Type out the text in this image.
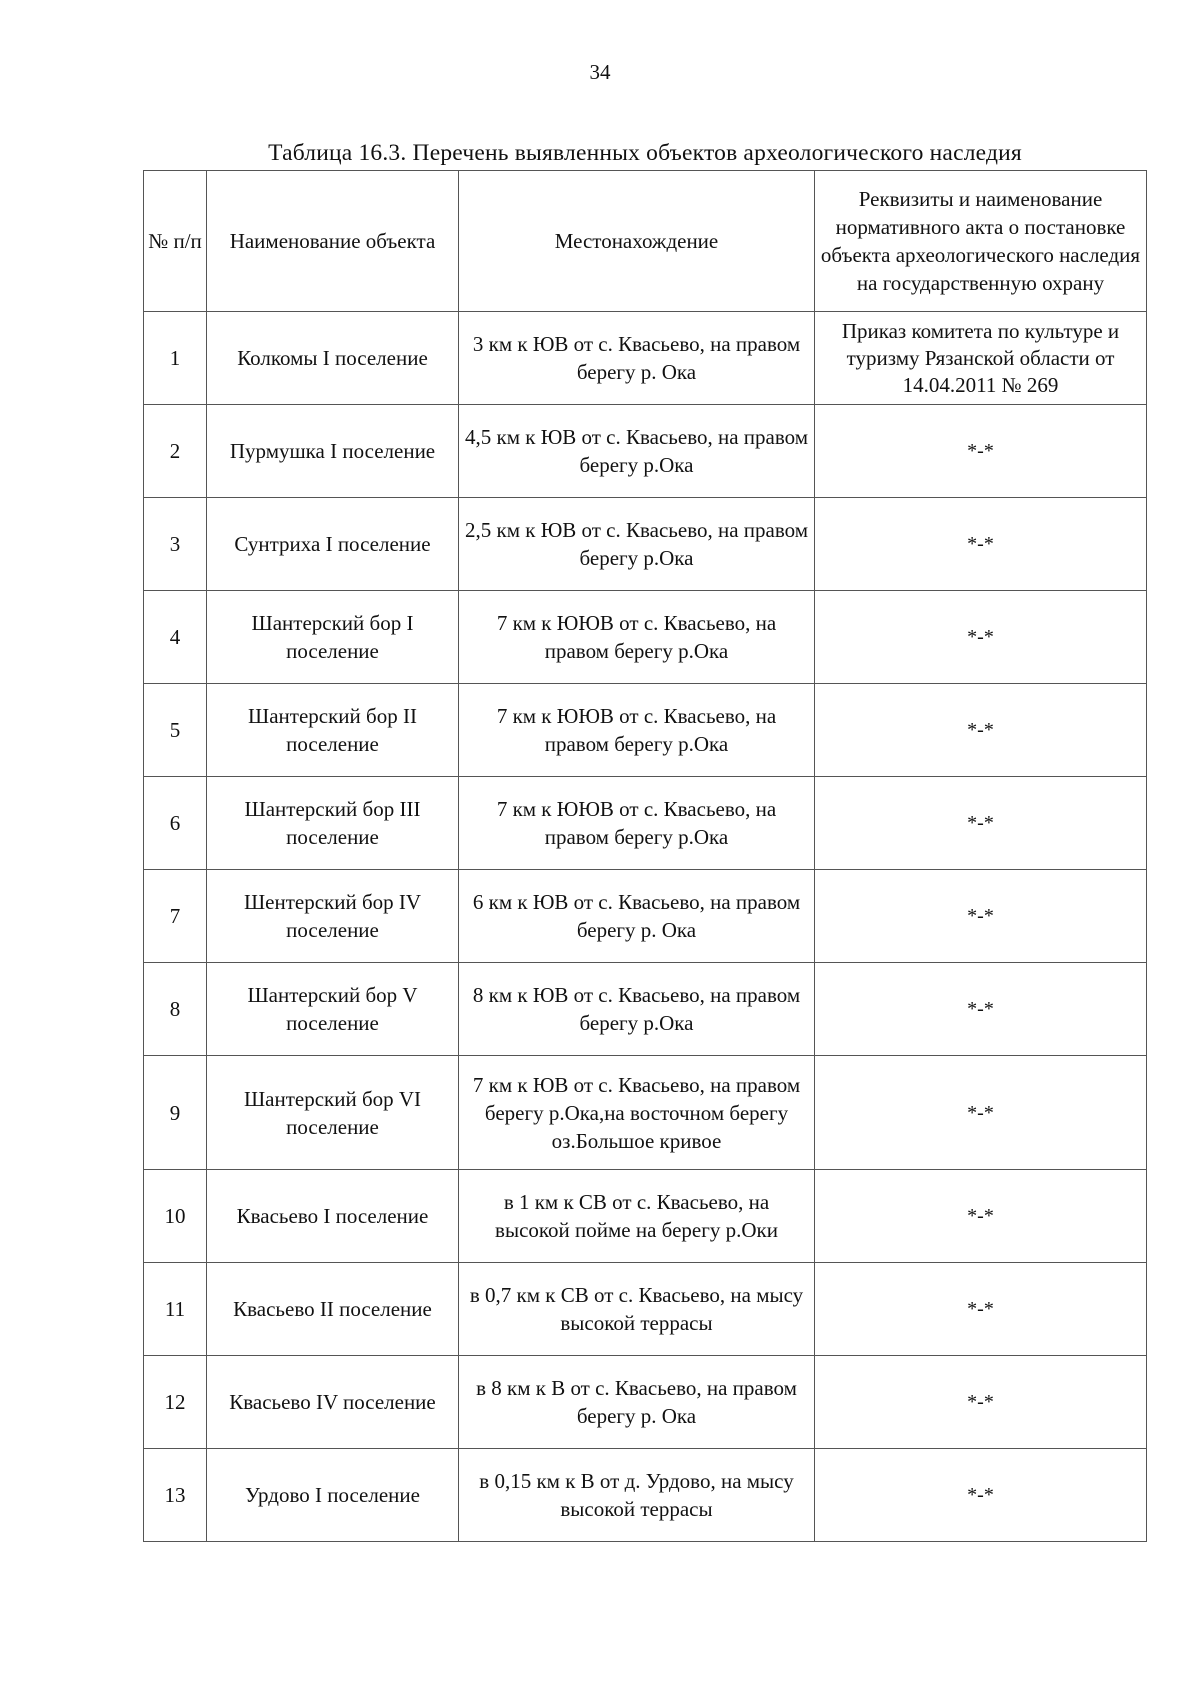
34
Таблица 16.3. Перечень выявленных объектов археологического наследия
№ п/п	Наименование объекта	Местонахождение	Реквизиты и наименование нормативного акта о постановке объекта археологического наследия на государственную охрану
1	Колкомы I поселение	3 км к ЮВ от с. Квасьево, на правом берегу р. Ока	Приказ комитета по культуре и туризму Рязанской области от 14.04.2011 № 269
2	Пурмушка I поселение	4,5 км к ЮВ от с. Квасьево, на правом берегу р.Ока	*-*
3	Сунтриха I поселение	2,5 км к ЮВ от с. Квасьево, на правом берегу р.Ока	*-*
4	Шантерский бор I поселение	7 км к ЮЮВ от с. Квасьево, на правом берегу р.Ока	*-*
5	Шантерский бор II поселение	7 км к ЮЮВ от с. Квасьево, на правом берегу р.Ока	*-*
6	Шантерский бор III поселение	7 км к ЮЮВ от с. Квасьево, на правом берегу р.Ока	*-*
7	Шентерский бор IV поселение	6 км к ЮВ от с. Квасьево, на правом берегу р. Ока	*-*
8	Шантерский бор V поселение	8 км к ЮВ от с. Квасьево, на правом берегу р.Ока	*-*
9	Шантерский бор VI поселение	7 км к ЮВ от с. Квасьево, на правом берегу р.Ока,на восточном берегу оз.Большое кривое	*-*
10	Квасьево I поселение	в 1 км к СВ от с. Квасьево, на высокой пойме на берегу р.Оки	*-*
11	Квасьево II поселение	в 0,7 км к СВ от с. Квасьево, на мысу высокой террасы	*-*
12	Квасьево IV поселение	в 8 км к В от с. Квасьево, на правом берегу р. Ока	*-*
13	Урдово I поселение	в 0,15 км к В от д. Урдово, на мысу высокой террасы	*-*
